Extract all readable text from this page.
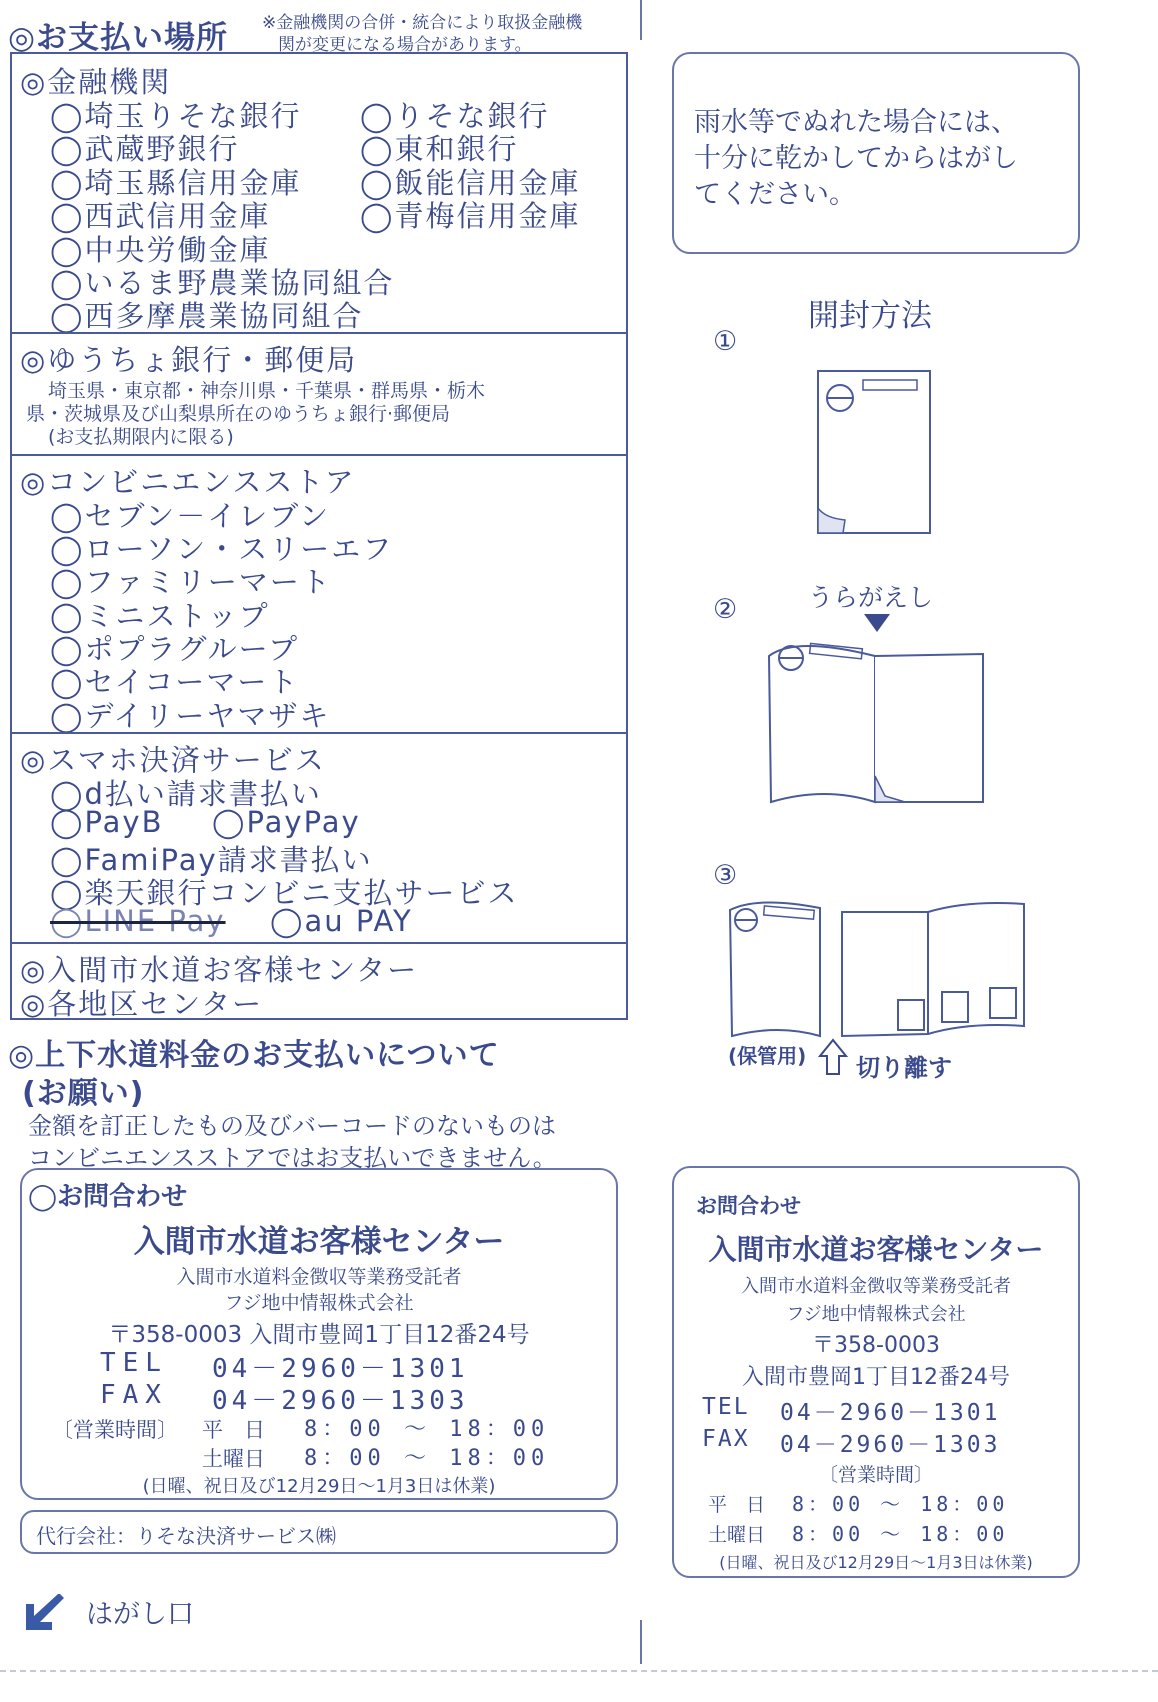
◎お支払い場所 ※金融機関の合併・統合により取扱金融機
関が変更になる場合があります。
◎金融機関
◯埼玉りそな銀行 ◯りそな銀行
◯武蔵野銀行	◯東和銀行
◯埼玉縣信用金庫 ◯飯能信用金庫
◯西武信用金庫	◯青梅信用金庫
◯中央労働金庫
◯いるま野農業協同組合
◯西多摩農業協同組合
◎ゆうちょ銀行・郵便局
埼玉県・東京都・神奈川県・千葉県・群馬県・栃木
県・茨城県及び山梨県所在のゆうちょ銀行·郵便局
(お支払期限内に限る)
◎コンビニエンスストア
◯セブン－イレブン
◯ローソン・スリーエフ
◯ファミリーマート
◯ミニストップ
◯ポプラグループ
◯セイコーマート
◯デイリーヤマザキ
◎スマホ決済サービス
◯d払い請求書払い
◯PayB ◯PayPay
◯FamiPay請求書払い
◯楽天銀行コンビニ支払サービス
◯LINE Pay ◯au PAY
◎入間市水道お客様センター
◎各地区センター
◎上下水道料金のお支払いについて
(お願い)
金額を訂正したもの及びバーコードのないものは
コンビニエンスストアではお支払いできません。
◯お問合わせ
入間市水道お客様センター
入間市水道料金徴収等業務受託者
フジ地中情報株式会社
〒358-0003 入間市豊岡1丁目12番24号
TEL 04－2960－1301
FAX 04－2960－1303
〔営業時間〕 平　日 8：00 ～ 18：00
土曜日 8：00 ～ 18：00
(日曜、祝日及び12月29日～1月3日は休業)
代行会社：りそな決済サービス㈱
はがし口
雨水等でぬれた場合には、
十分に乾かしてからはがし
てください。
開封方法
①
②	うらがえし
③
(保管用) 切り離す
お問合わせ
入間市水道お客様センター
入間市水道料金徴収等業務受託者
フジ地中情報株式会社
〒358-0003
入間市豊岡1丁目12番24号
TEL 04－2960－1301
FAX 04－2960－1303
〔営業時間〕
平　日 8：00 ～ 18：00
土曜日 8：00 ～ 18：00
(日曜、祝日及び12月29日～1月3日は休業)
